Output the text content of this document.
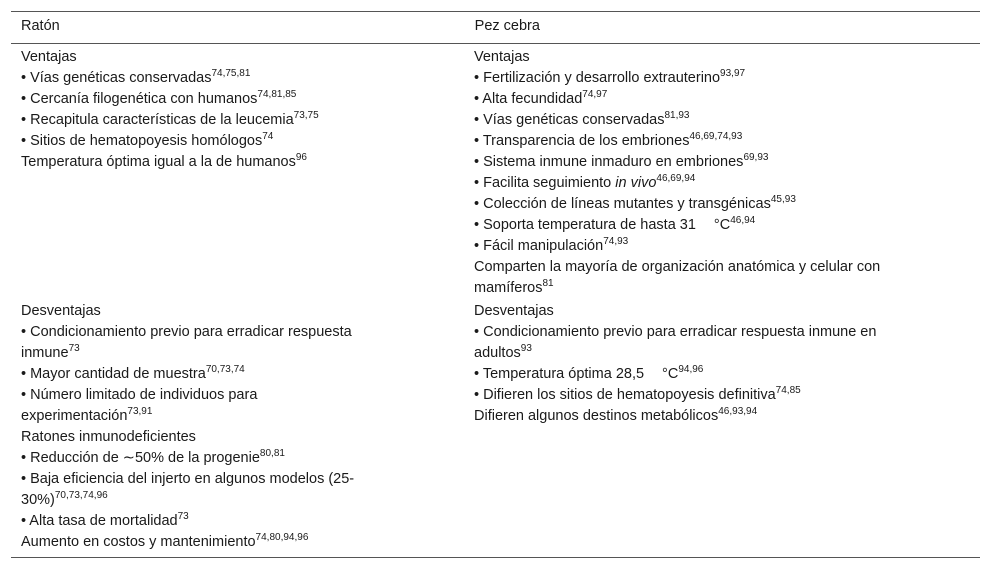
Ratón	Pez cebra
Ventajas
• Vías genéticas conservadas$^{74,75,81}$
• Cercanía filogenética con humanos$^{74,81,85}$
• Recapitula características de la leucemia$^{73,75}$
• Sitios de hematopoyesis homólogos$^{74}$
Temperatura óptima igual a la de humanos$^{96}$
Ventajas
• Fertilización y desarrollo extrauterino$^{93,97}$
• Alta fecundidad$^{74,97}$
• Vías genéticas conservadas$^{81,93}$
• Transparencia de los embriones$^{46,69,74,93}$
• Sistema inmune inmaduro en embriones$^{69,93}$
• Facilita seguimiento in vivo$^{46,69,94}$
• Colección de líneas mutantes y transgénicas$^{45,93}$
• Soporta temperatura de hasta 31 $^\circ C^{46,94}$
• Fácil manipulación$^{74,93}$
Comparten la mayoría de organización anatómica y celular con mamíferos$^{81}$
Desventajas
• Condicionamiento previo para erradicar respuesta inmune$^{73}$
• Mayor cantidad de muestra$^{70,73,74}$
• Número limitado de individuos para experimentación$^{73,91}$
Ratones inmunodeficientes
• Reducción de ∼50% de la progenie$^{80,81}$
• Baja eficiencia del injerto en algunos modelos $(25-30\%)^{70,73,74,96}$
• Alta tasa de mortalidad$^{73}$
Aumento en costos y mantenimiento$^{74,80,94,96}$
Desventajas
• Condicionamiento previo para erradicar respuesta inmune en adultos$^{93}$
• Temperatura óptima 28,5 $^\circ C^{94,96}$
• Difieren los sitios de hematopoyesis definitiva$^{74,85}$
Difieren algunos destinos metabólicos$^{46,93,94}$
